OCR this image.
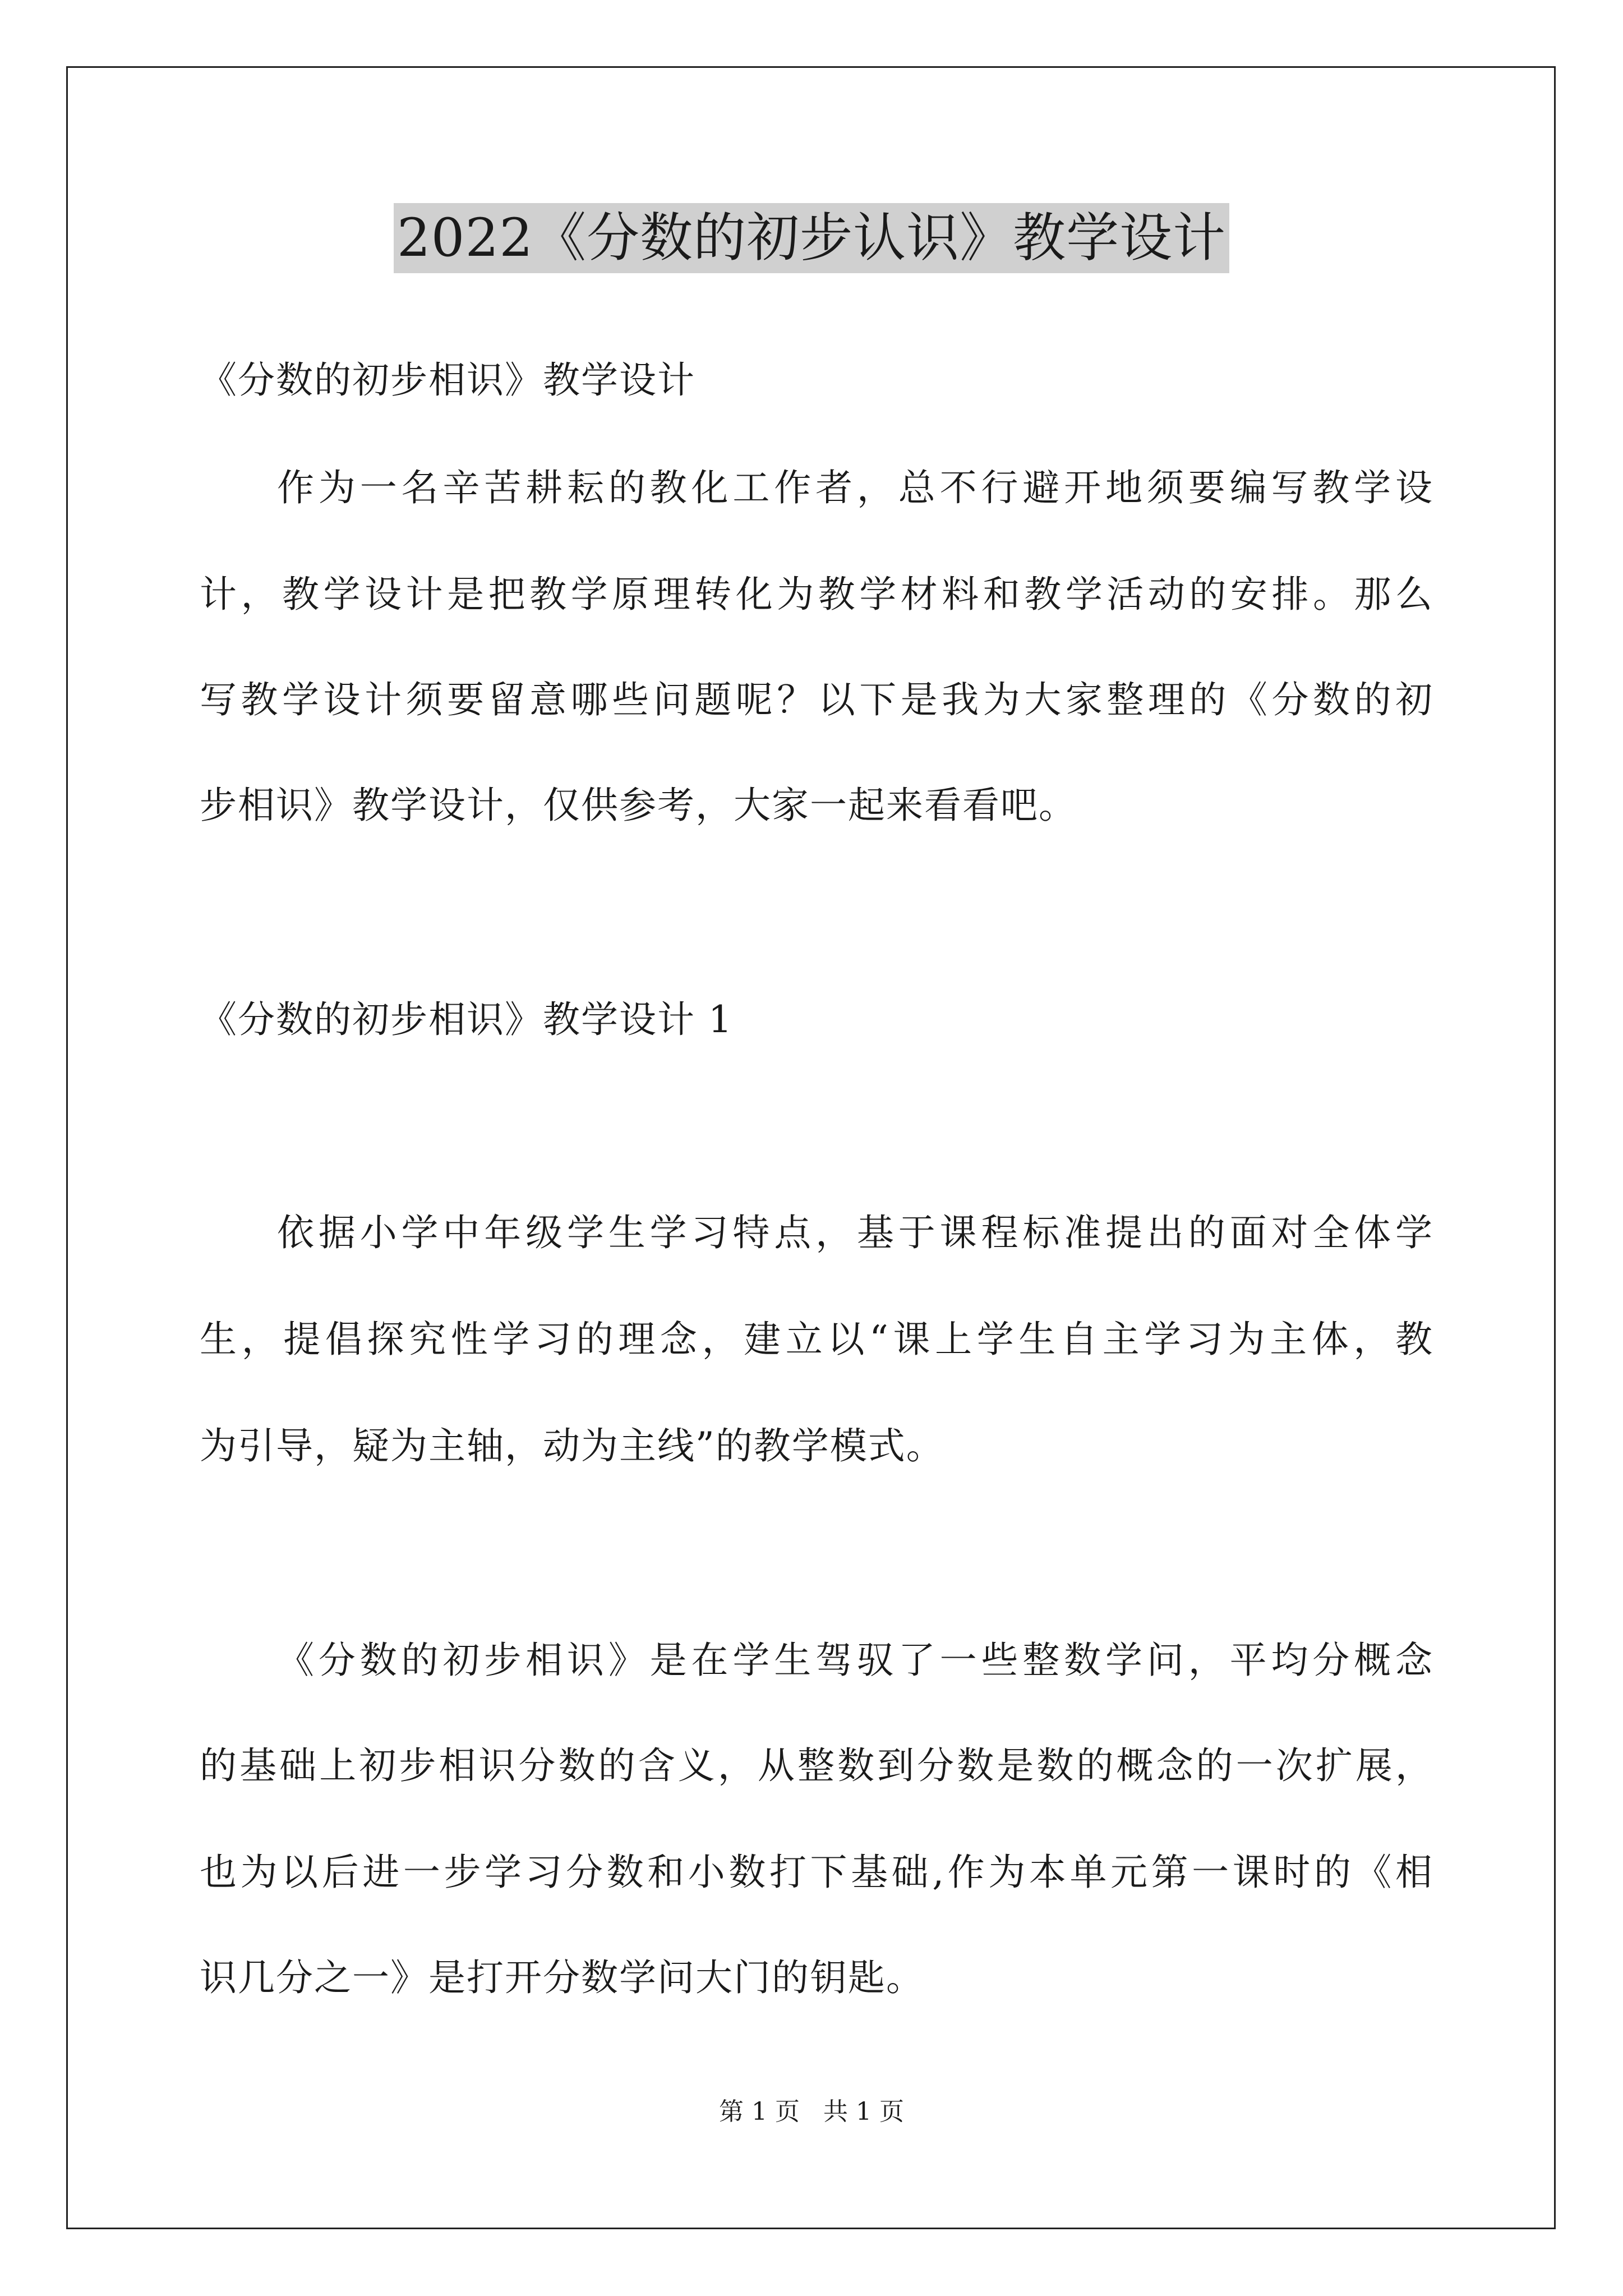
2022《分数的初步认识》教学设计
《分数的初步相识》教学设计
作为一名辛苦耕耘的教化工作者，总不行避开地须要编写教学设
计，教学设计是把教学原理转化为教学材料和教学活动的安排。那么
写教学设计须要留意哪些问题呢？以下是我为大家整理的《分数的初
步相识》教学设计，仅供参考，大家一起来看看吧。
《分数的初步相识》教学设计 1
依据小学中年级学生学习特点，基于课程标准提出的面对全体学
生，提倡探究性学习的理念，建立以“课上学生自主学习为主体，教
为引导，疑为主轴，动为主线”的教学模式。
《分数的初步相识》是在学生驾驭了一些整数学问，平均分概念
的基础上初步相识分数的含义，从整数到分数是数的概念的一次扩展，
也为以后进一步学习分数和小数打下基础,作为本单元第一课时的《相
识几分之一》是打开分数学问大门的钥匙。
第 1 页 共 1 页
